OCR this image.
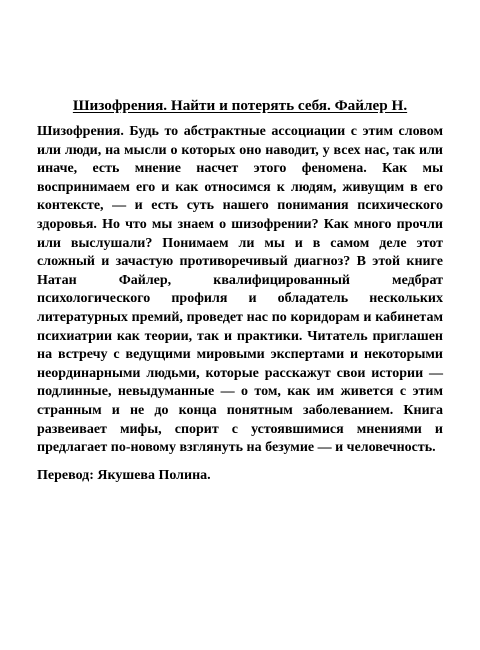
Шизофрения. Найти и потерять себя. Файлер Н.

Шизофрения. Будь то абстрактные ассоциации с этим словом или люди, на мысли о которых оно наводит, у всех нас, так или иначе, есть мнение насчет этого феномена. Как мы воспринимаем его и как относимся к людям, живущим в его контексте, — и есть суть нашего понимания психического здоровья. Но что мы знаем о шизофрении? Как много прочли или выслушали? Понимаем ли мы и в самом деле этот сложный и зачастую противоречивый диагноз? В этой книге Натан Файлер, квалифицированный медбрат психологического профиля и обладатель нескольких литературных премий, проведет нас по коридорам и кабинетам психиатрии как теории, так и практики. Читатель приглашен на встречу с ведущими мировыми экспертами и некоторыми неординарными людьми, которые расскажут свои истории — подлинные, невыдуманные — о том, как им живется с этим странным и не до конца понятным заболеванием. Книга развеивает мифы, спорит с устоявшимися мнениями и предлагает по-новому взглянуть на безумие — и человечность.

Перевод: Якушева Полина.
